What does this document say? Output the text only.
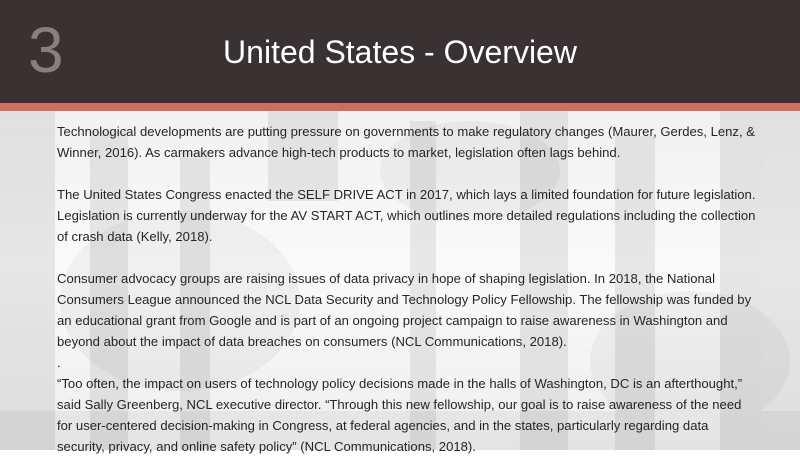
3	United States - Overview

Technological developments are putting pressure on governments to make regulatory changes (Maurer, Gerdes, Lenz, & Winner, 2016). As carmakers advance high-tech products to market, legislation often lags behind.

The United States Congress enacted the SELF DRIVE ACT in 2017, which lays a limited foundation for future legislation. Legislation is currently underway for the AV START ACT, which outlines more detailed regulations including the collection of crash data (Kelly, 2018).

Consumer advocacy groups are raising issues of data privacy in hope of shaping legislation. In 2018, the National Consumers League announced the NCL Data Security and Technology Policy Fellowship. The fellowship was funded by an educational grant from Google and is part of an ongoing project campaign to raise awareness in Washington and beyond about the impact of data breaches on consumers (NCL Communications, 2018).

.

“Too often, the impact on users of technology policy decisions made in the halls of Washington, DC is an afterthought,” said Sally Greenberg, NCL executive director. “Through this new fellowship, our goal is to raise awareness of the need for user-centered decision-making in Congress, at federal agencies, and in the states, particularly regarding data security, privacy, and online safety policy” (NCL Communications, 2018).
